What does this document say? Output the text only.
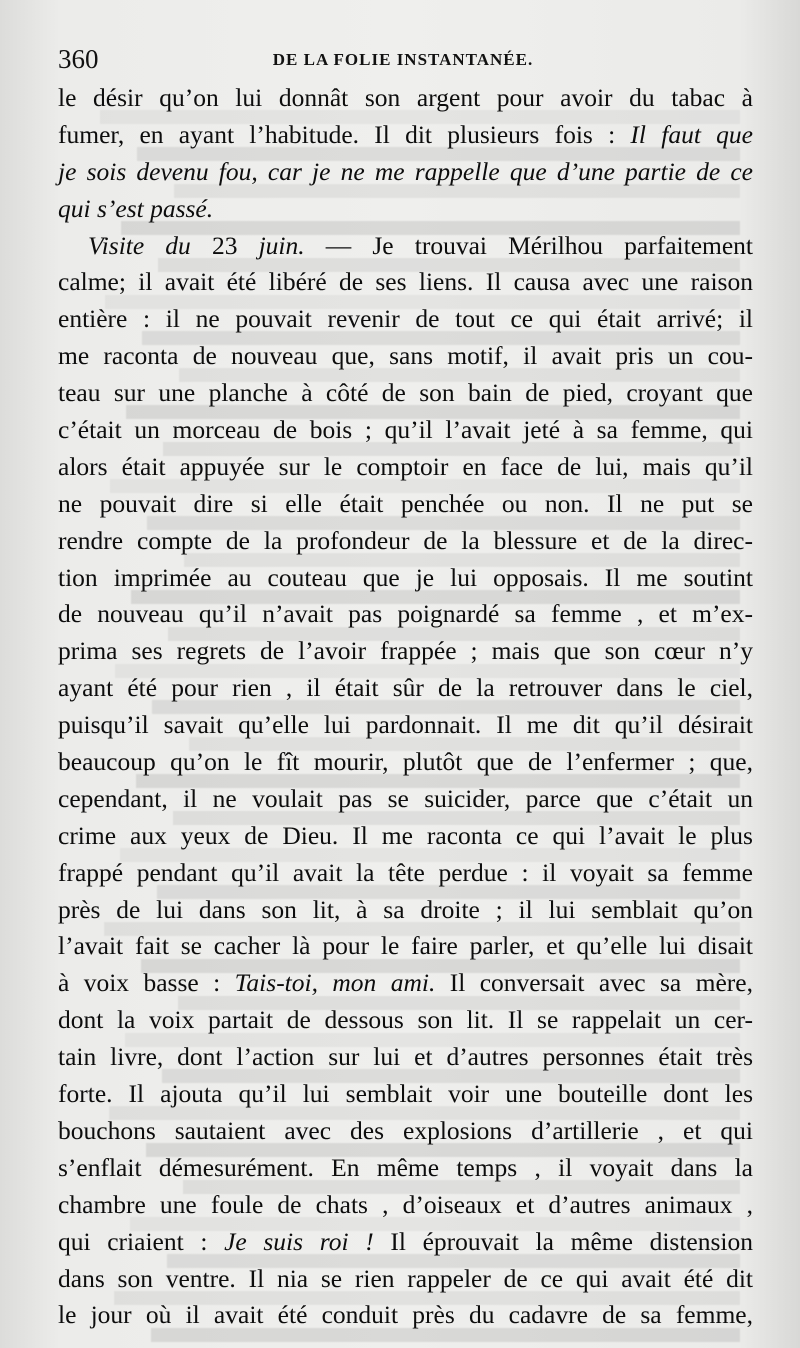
360	DE LA FOLIE INSTANTANÉE.
le désir qu’on lui donnât son argent pour avoir du tabac à
fumer, en ayant l’habitude. Il dit plusieurs fois : Il faut que
je sois devenu fou, car je ne me rappelle que d’une partie de ce
qui s’est passé.
Visite du 23 juin. — Je trouvai Mérilhou parfaitement
calme; il avait été libéré de ses liens. Il causa avec une raison
entière : il ne pouvait revenir de tout ce qui était arrivé; il
me raconta de nouveau que, sans motif, il avait pris un cou-
teau sur une planche à côté de son bain de pied, croyant que
c’était un morceau de bois ; qu’il l’avait jeté à sa femme, qui
alors était appuyée sur le comptoir en face de lui, mais qu’il
ne pouvait dire si elle était penchée ou non. Il ne put se
rendre compte de la profondeur de la blessure et de la direc-
tion imprimée au couteau que je lui opposais. Il me soutint
de nouveau qu’il n’avait pas poignardé sa femme , et m’ex-
prima ses regrets de l’avoir frappée ; mais que son cœur n’y
ayant été pour rien , il était sûr de la retrouver dans le ciel,
puisqu’il savait qu’elle lui pardonnait. Il me dit qu’il désirait
beaucoup qu’on le fît mourir, plutôt que de l’enfermer ; que,
cependant, il ne voulait pas se suicider, parce que c’était un
crime aux yeux de Dieu. Il me raconta ce qui l’avait le plus
frappé pendant qu’il avait la tête perdue : il voyait sa femme
près de lui dans son lit, à sa droite ; il lui semblait qu’on
l’avait fait se cacher là pour le faire parler, et qu’elle lui disait
à voix basse : Tais-toi, mon ami. Il conversait avec sa mère,
dont la voix partait de dessous son lit. Il se rappelait un cer-
tain livre, dont l’action sur lui et d’autres personnes était très
forte. Il ajouta qu’il lui semblait voir une bouteille dont les
bouchons sautaient avec des explosions d’artillerie , et qui
s’enflait démesurément. En même temps , il voyait dans la
chambre une foule de chats , d’oiseaux et d’autres animaux ,
qui criaient : Je suis roi ! Il éprouvait la même distension
dans son ventre. Il nia se rien rappeler de ce qui avait été dit
le jour où il avait été conduit près du cadavre de sa femme,
